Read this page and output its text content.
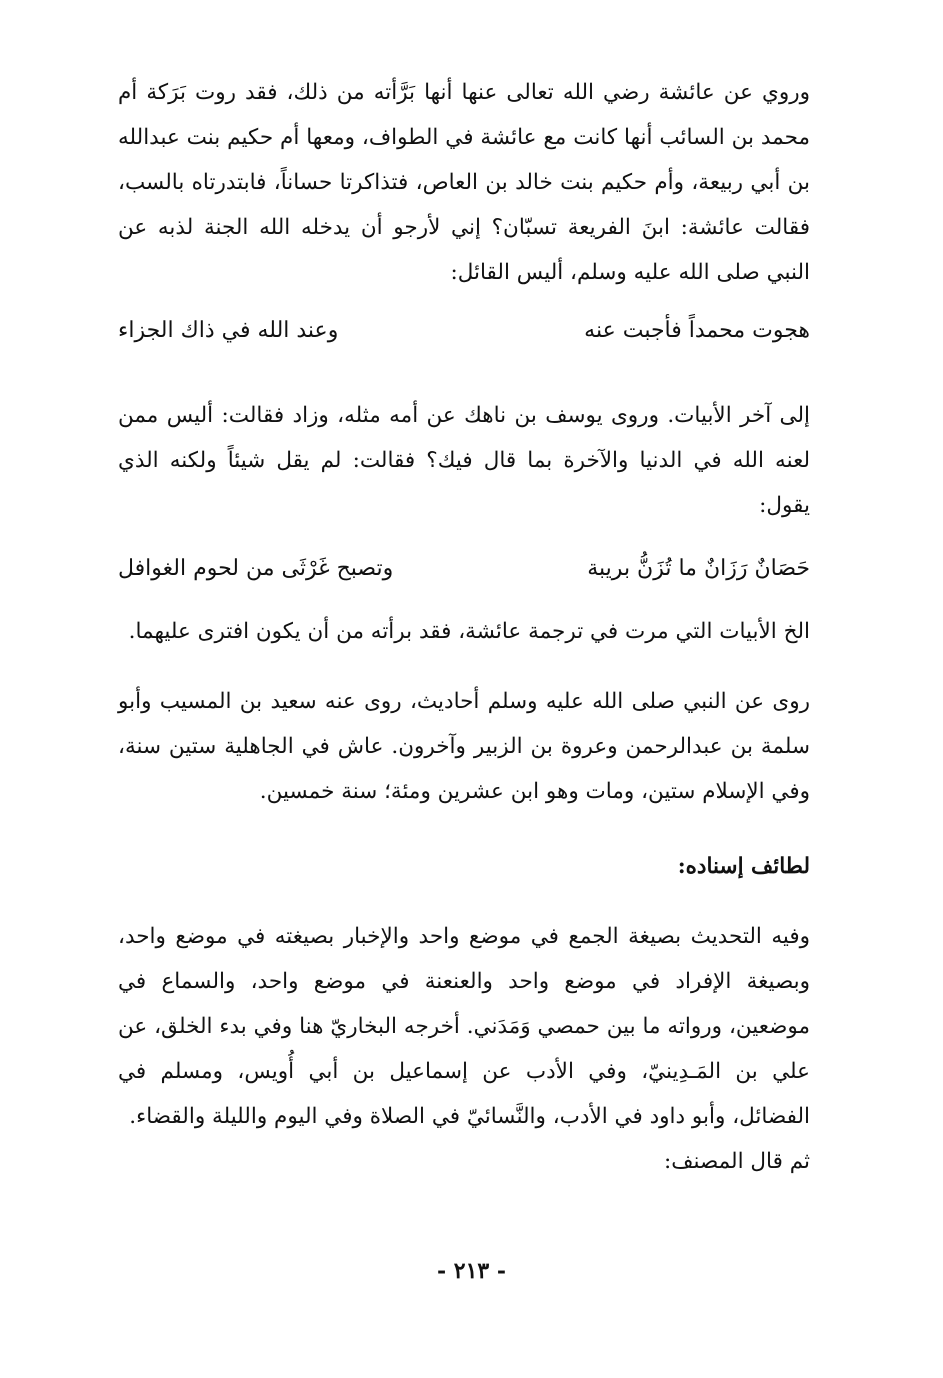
وروي عن عائشة رضي الله تعالى عنها أنها بَرَّأته من ذلك، فقد روت بَرَكة أم محمد بن السائب أنها كانت مع عائشة في الطواف، ومعها أم حكيم بنت عبدالله بن أبي ربيعة، وأم حكيم بنت خالد بن العاص، فتذاكرتا حساناً، فابتدرتاه بالسب، فقالت عائشة: ابنَ الفريعة تسبّان؟ إني لأرجو أن يدخله الله الجنة لذبه عن النبي صلى الله عليه وسلم، أليس القائل:

هجوت محمداً فأجبت عنه
وعند الله في ذاك الجزاء

إلى آخر الأبيات. وروى يوسف بن ناهك عن أمه مثله، وزاد فقالت: أليس ممن لعنه الله في الدنيا والآخرة بما قال فيك؟ فقالت: لم يقل شيئاً ولكنه الذي يقول:

حَصَانٌ رَزَانٌ ما تُزَنُّ بريبة
وتصبح غَرْثَى من لحوم الغوافل

الخ الأبيات التي مرت في ترجمة عائشة، فقد برأته من أن يكون افترى عليهما.

روى عن النبي صلى الله عليه وسلم أحاديث، روى عنه سعيد بن المسيب وأبو سلمة بن عبدالرحمن وعروة بن الزبير وآخرون. عاش في الجاهلية ستين سنة، وفي الإسلام ستين، ومات وهو ابن عشرين ومئة؛ سنة خمسين.

لطائف إسناده:

وفيه التحديث بصيغة الجمع في موضع واحد والإخبار بصيغته في موضع واحد، وبصيغة الإفراد في موضع واحد والعنعنة في موضع واحد، والسماع في موضعين، ورواته ما بين حمصي وَمَدَني. أخرجه البخاريّ هنا وفي بدء الخلق، عن علي بن المَـدِينيّ، وفي الأدب عن إسماعيل بن أبي أُويس، ومسلم في الفضائل، وأبو داود في الأدب، والنَّسائيّ في الصلاة وفي اليوم والليلة والقضاء.

ثم قال المصنف:

- ٢١٣ -
